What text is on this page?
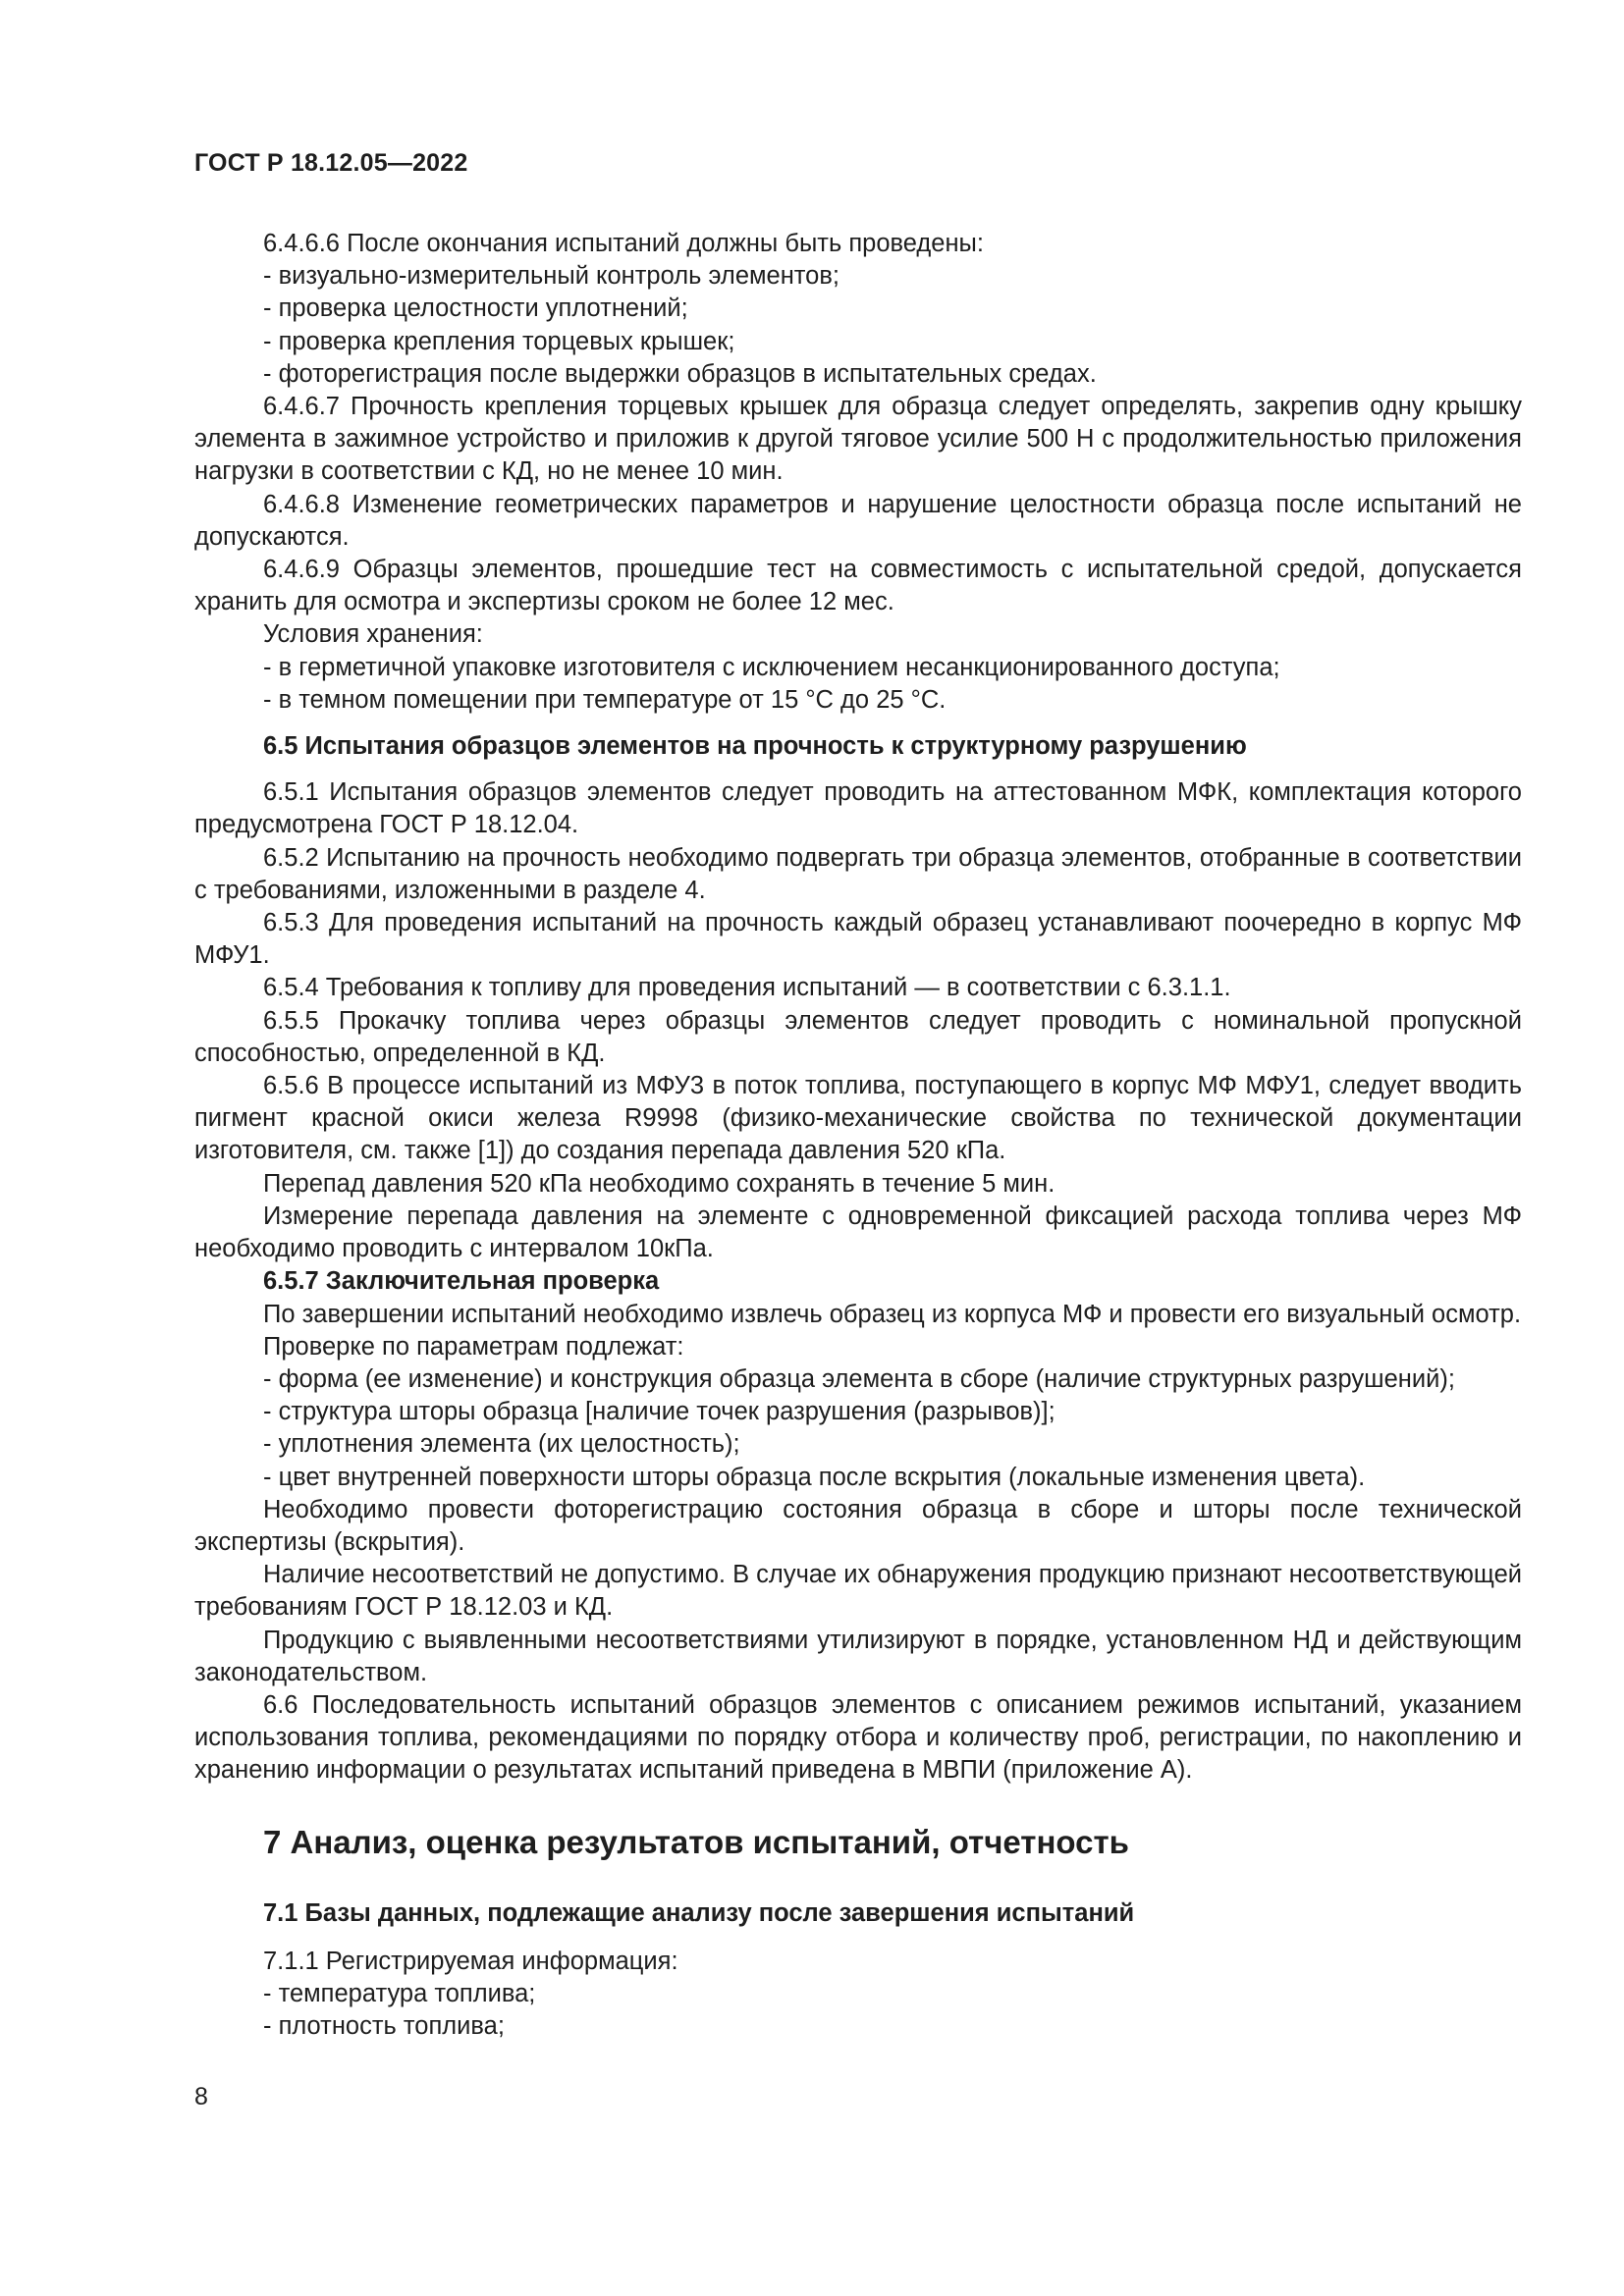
ГОСТ Р 18.12.05—2022

6.4.6.6 После окончания испытаний должны быть проведены:

- визуально-измерительный контроль элементов;

- проверка целостности уплотнений;

- проверка крепления торцевых крышек;

- фоторегистрация после выдержки образцов в испытательных средах.

6.4.6.7 Прочность крепления торцевых крышек для образца следует определять, закрепив одну крышку элемента в зажимное устройство и приложив к другой тяговое усилие 500 Н с продолжительностью приложения нагрузки в соответствии с КД, но не менее 10 мин.

6.4.6.8 Изменение геометрических параметров и нарушение целостности образца после испытаний не допускаются.

6.4.6.9 Образцы элементов, прошедшие тест на совместимость с испытательной средой, допускается хранить для осмотра и экспертизы сроком не более 12 мес.

Условия хранения:

- в герметичной упаковке изготовителя с исключением несанкционированного доступа;

- в темном помещении при температуре от 15 °С до 25 °С.

6.5 Испытания образцов элементов на прочность к структурному разрушению

6.5.1 Испытания образцов элементов следует проводить на аттестованном МФК, комплектация которого предусмотрена ГОСТ Р 18.12.04.

6.5.2 Испытанию на прочность необходимо подвергать три образца элементов, отобранные в соответствии с требованиями, изложенными в разделе 4.

6.5.3 Для проведения испытаний на прочность каждый образец устанавливают поочередно в корпус МФ МФУ1.

6.5.4 Требования к топливу для проведения испытаний — в соответствии с 6.3.1.1.

6.5.5 Прокачку топлива через образцы элементов следует проводить с номинальной пропускной способностью, определенной в КД.

6.5.6 В процессе испытаний из МФУ3 в поток топлива, поступающего в корпус МФ МФУ1, следует вводить пигмент красной окиси железа R9998 (физико-механические свойства по технической документации изготовителя, см. также [1]) до создания перепада давления 520 кПа.

Перепад давления 520 кПа необходимо сохранять в течение 5 мин.

Измерение перепада давления на элементе с одновременной фиксацией расхода топлива через МФ необходимо проводить с интервалом 10кПа.

6.5.7 Заключительная проверка

По завершении испытаний необходимо извлечь образец из корпуса МФ и провести его визуальный осмотр.

Проверке по параметрам подлежат:

- форма (ее изменение) и конструкция образца элемента в сборе (наличие структурных разрушений);

- структура шторы образца [наличие точек разрушения (разрывов)];

- уплотнения элемента (их целостность);

- цвет внутренней поверхности шторы образца после вскрытия (локальные изменения цвета).

Необходимо провести фоторегистрацию состояния образца в сборе и шторы после технической экспертизы (вскрытия).

Наличие несоответствий не допустимо. В случае их обнаружения продукцию признают несоответствующей требованиям ГОСТ Р 18.12.03 и КД.

Продукцию с выявленными несоответствиями утилизируют в порядке, установленном НД и действующим законодательством.

6.6 Последовательность испытаний образцов элементов с описанием режимов испытаний, указанием использования топлива, рекомендациями по порядку отбора и количеству проб, регистрации, по накоплению и хранению информации о результатах испытаний приведена в МВПИ (приложение А).

7 Анализ, оценка результатов испытаний, отчетность

7.1 Базы данных, подлежащие анализу после завершения испытаний

7.1.1 Регистрируемая информация:

- температура топлива;

- плотность топлива;

8
